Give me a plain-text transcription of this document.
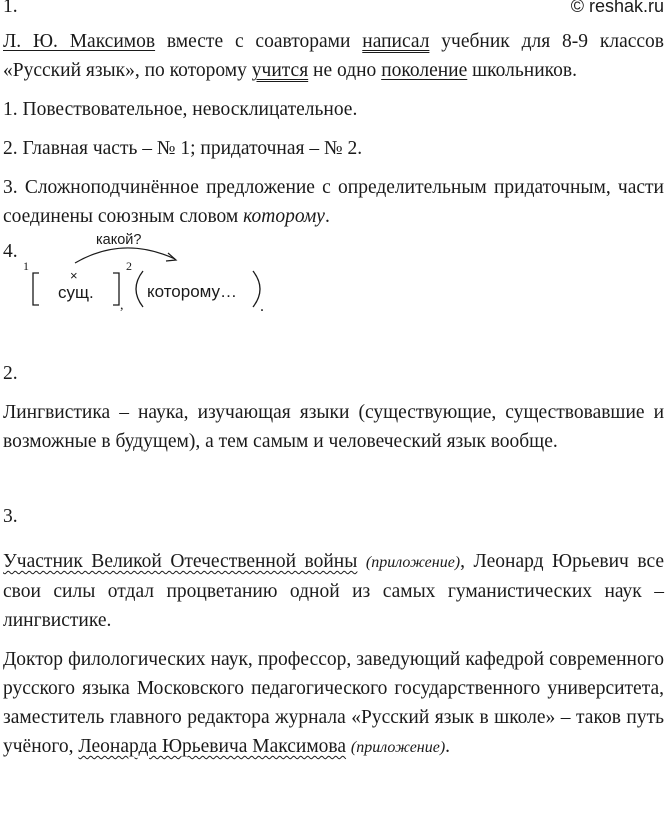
1.	© reshak.ru

Л. Ю. Максимов вместе с соавторами написал учебник для 8-9 классов «Русский язык», по которому учится не одно поколение школьников.

1. Повествовательное, невосклицательное.

2. Главная часть – № 1; придаточная – № 2.

3. Сложноподчинённое предложение с определительным придаточным, части соединены союзным словом которому.

4.
какой?
1
×
сущ.
,
2
которому…
.
2.

Лингвистика – наука, изучающая языки (существующие, существовавшие и возможные в будущем), а тем самым и человеческий язык вообще.

3.

Участник Великой Отечественной войны (приложение), Леонард Юрьевич все свои силы отдал процветанию одной из самых гуманистических наук – лингвистике.

Доктор филологических наук, профессор, заведующий кафедрой современного русского языка Московского педагогического государственного университета, заместитель главного редактора журнала «Русский язык в школе» – таков путь учёного, Леонарда Юрьевича Максимова (приложение).
